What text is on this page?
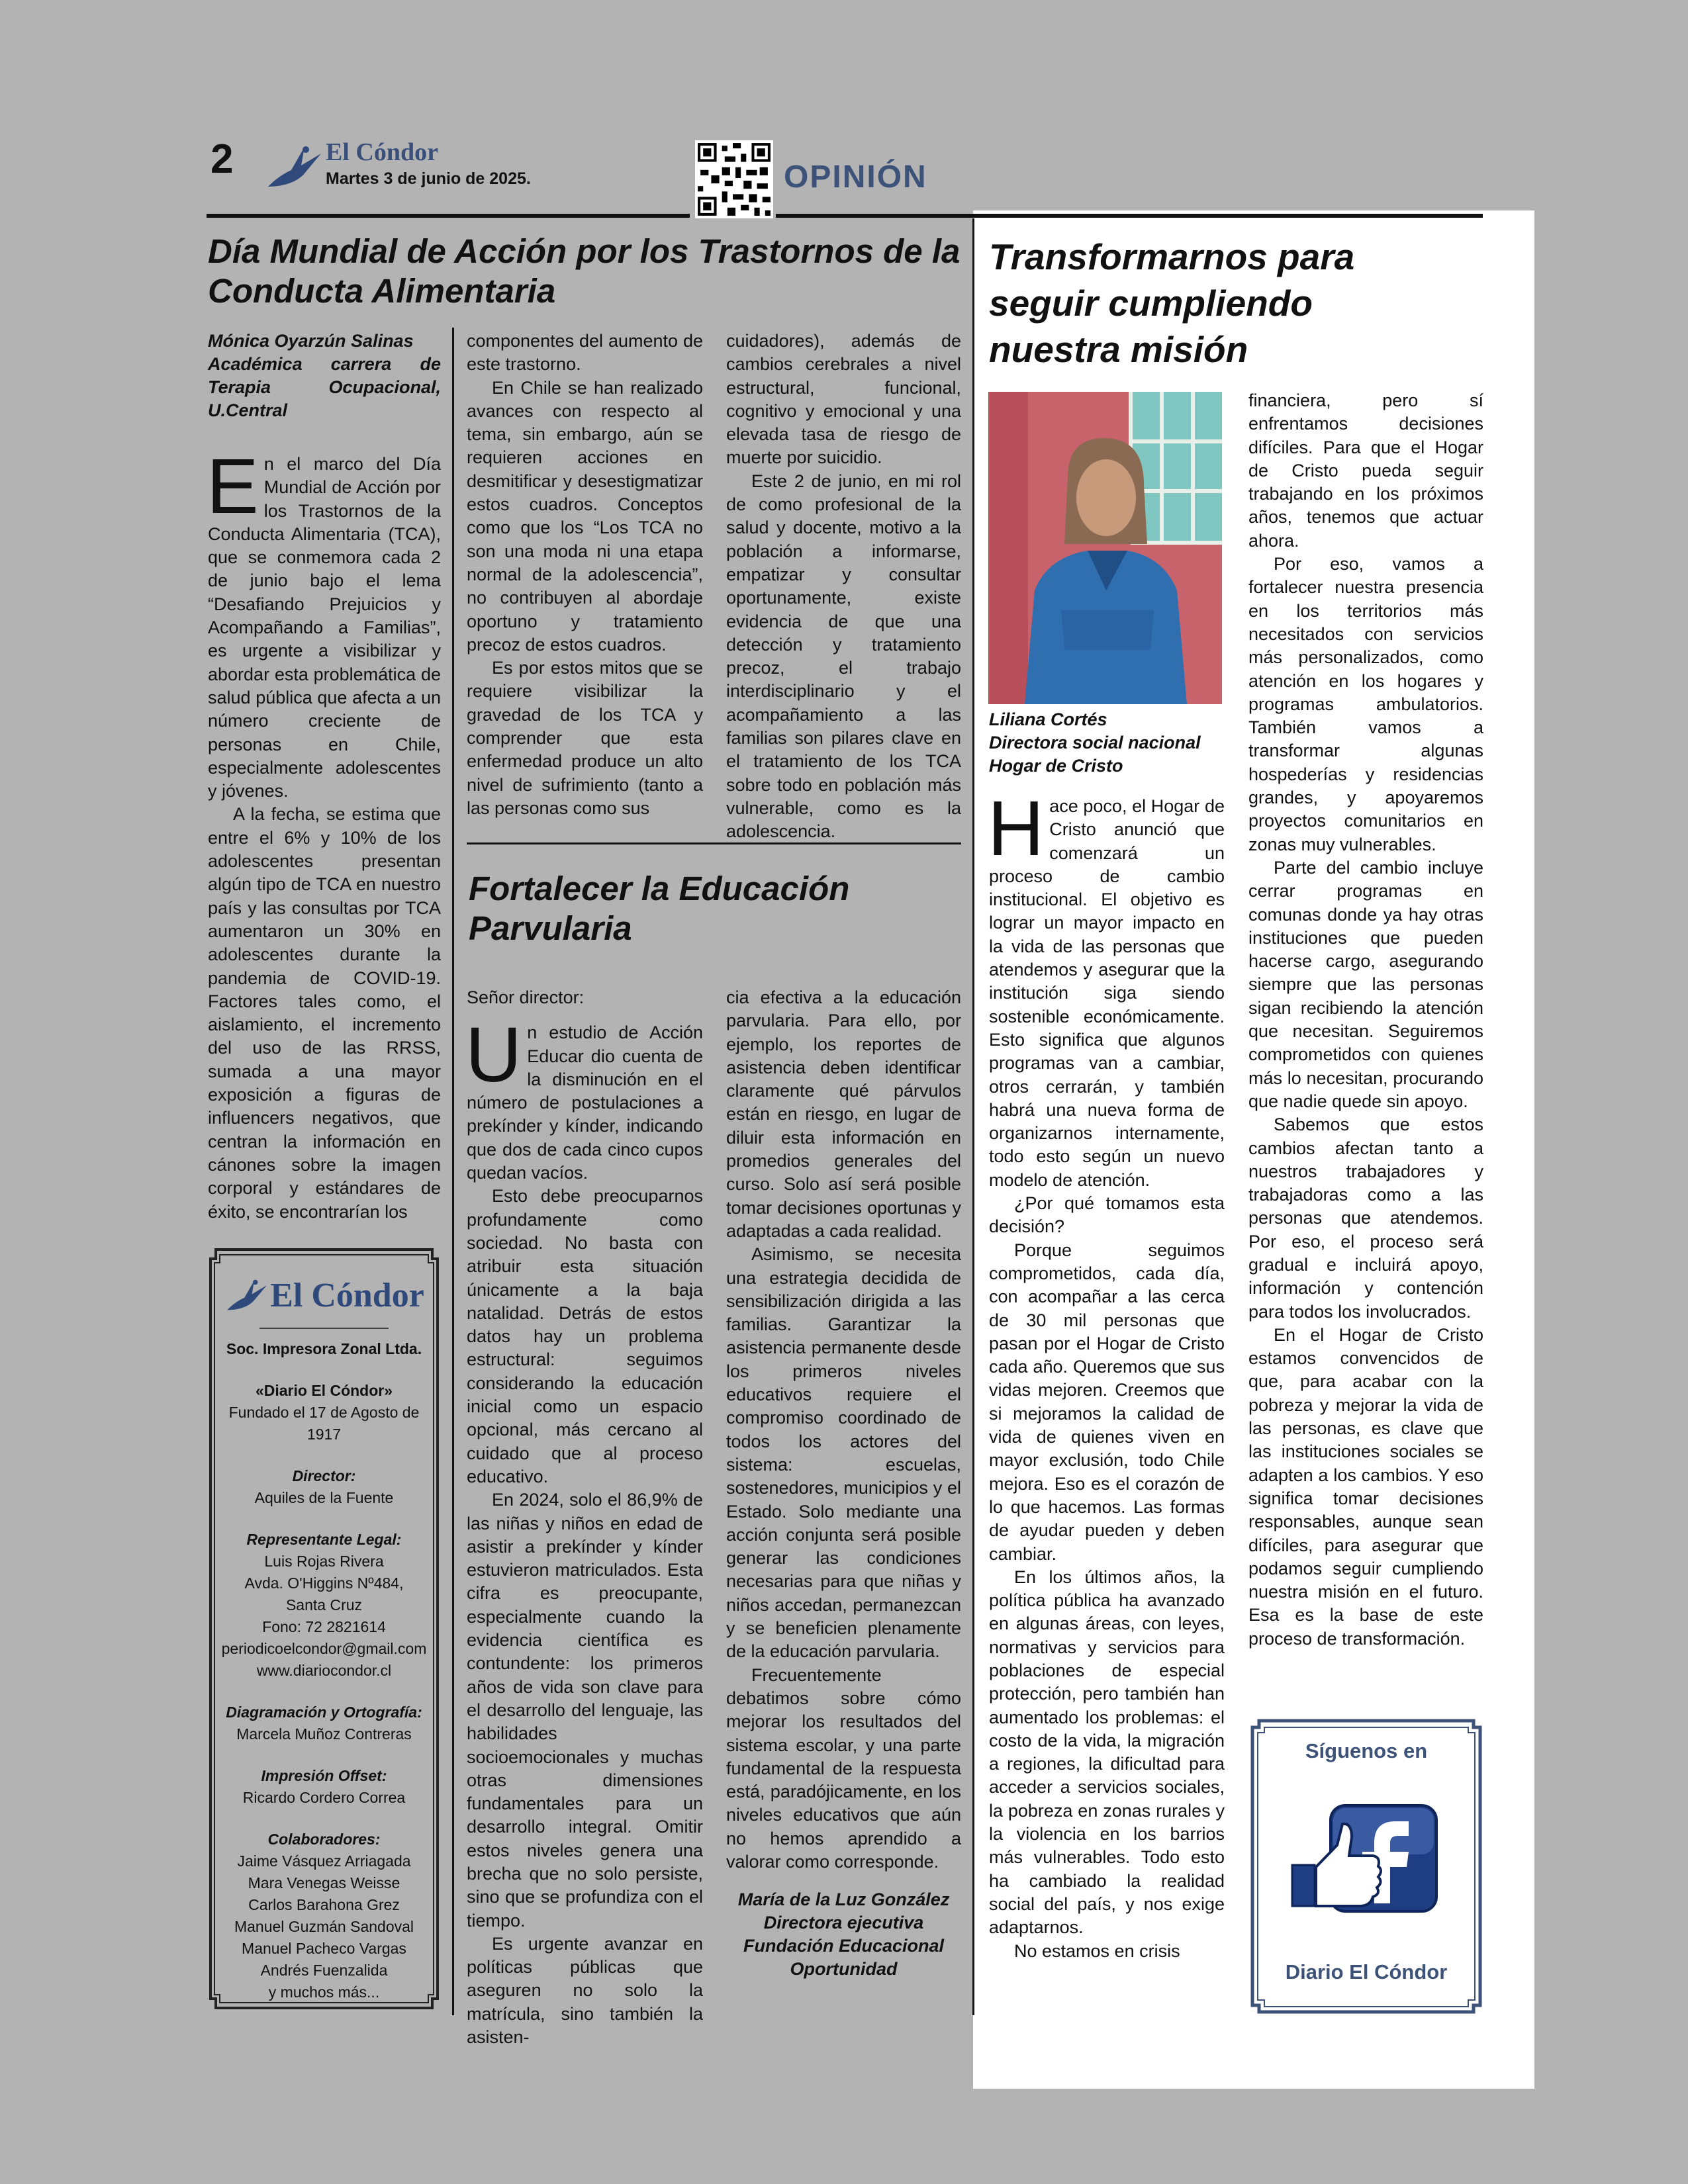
2	El Cóndor
Martes 3 de junio de 2025.	OPINIÓN
Día Mundial de Acción por los Trastornos de la Conducta Alimentaria
Mónica Oyarzún Salinas
Académica carrera de Terapia Ocupacional, U.Central

En el marco del Día Mundial de Acción por los Trastornos de la Conducta Alimentaria (TCA), que se conmemora cada 2 de junio bajo el lema “Desafiando Prejuicios y Acompañando a Familias”, es urgente a visibilizar y abordar esta problemática de salud pública que afecta a un número creciente de personas en Chile, especialmente adolescentes y jóvenes.

A la fecha, se estima que entre el 6% y 10% de los adolescentes presentan algún tipo de TCA en nuestro país y las consultas por TCA aumentaron un 30% en adolescentes durante la pandemia de COVID-19. Factores tales como, el aislamiento, el incremento del uso de las RRSS, sumada a una mayor exposición a figuras de influencers negativos, que centran la información en cánones sobre la imagen corporal y estándares de éxito, se encontrarían los

componentes del aumento de este trastorno.

En Chile se han realizado avances con respecto al tema, sin embargo, aún se requieren acciones en desmitificar y desestigmatizar estos cuadros. Conceptos como que los “Los TCA no son una moda ni una etapa normal de la adolescencia”, no contribuyen al abordaje oportuno y tratamiento precoz de estos cuadros.

Es por estos mitos que se requiere visibilizar la gravedad de los TCA y comprender que esta enfermedad produce un alto nivel de sufrimiento (tanto a las personas como sus

cuidadores), además de cambios cerebrales a nivel estructural, funcional, cognitivo y emocional y una elevada tasa de riesgo de muerte por suicidio.

Este 2 de junio, en mi rol de como profesional de la salud y docente, motivo a la población a informarse, empatizar y consultar oportunamente, existe evidencia de que una detección y tratamiento precoz, el trabajo interdisciplinario y el acompañamiento a las familias son pilares clave en el tratamiento de los TCA sobre todo en población más vulnerable, como es la adolescencia.

Fortalecer la Educación Parvularia

Señor director:

Un estudio de Acción Educar dio cuenta de la disminución en el número de postulaciones a prekínder y kínder, indicando que dos de cada cinco cupos quedan vacíos.

Esto debe preocuparnos profundamente como sociedad. No basta con atribuir esta situación únicamente a la baja natalidad. Detrás de estos datos hay un problema estructural: seguimos considerando la educación inicial como un espacio opcional, más cercano al cuidado que al proceso educativo.

En 2024, solo el 86,9% de las niñas y niños en edad de asistir a prekínder y kínder estuvieron matriculados. Esta cifra es preocupante, especialmente cuando la evidencia científica es contundente: los primeros años de vida son clave para el desarrollo del lenguaje, las habilidades socioemocionales y muchas otras dimensiones fundamentales para un desarrollo integral. Omitir estos niveles genera una brecha que no solo persiste, sino que se profundiza con el tiempo.

Es urgente avanzar en políticas públicas que aseguren no solo la matrícula, sino también la asisten-

cia efectiva a la educación parvularia. Para ello, por ejemplo, los reportes de asistencia deben identificar claramente qué párvulos están en riesgo, en lugar de diluir esta información en promedios generales del curso. Solo así será posible tomar decisiones oportunas y adaptadas a cada realidad.

Asimismo, se necesita una estrategia decidida de sensibilización dirigida a las familias. Garantizar la asistencia permanente desde los primeros niveles educativos requiere el compromiso coordinado de todos los actores del sistema: escuelas, sostenedores, municipios y el Estado. Solo mediante una acción conjunta será posible generar las condiciones necesarias para que niñas y niños accedan, permanezcan y se beneficien plenamente de la educación parvularia.

Frecuentemente debatimos sobre cómo mejorar los resultados del sistema escolar, y una parte fundamental de la respuesta está, paradójicamente, en los niveles educativos que aún no hemos aprendido a valorar como corresponde.

María de la Luz González
Directora ejecutiva
Fundación Educacional
Oportunidad
El Cóndor
Soc. Impresora Zonal Ltda.
«Diario El Cóndor»
Fundado el 17 de Agosto de 1917
Director:
Aquiles de la Fuente
Representante Legal:
Luis Rojas Rivera
Avda. O'Higgins Nº484,
Santa Cruz
Fono: 72 2821614
periodicoelcondor@gmail.com
www.diariocondor.cl
Diagramación y Ortografía:
Marcela Muñoz Contreras
Impresión Offset:
Ricardo Cordero Correa
Colaboradores:
Jaime Vásquez Arriagada
Mara Venegas Weisse
Carlos Barahona Grez
Manuel Guzmán Sandoval
Manuel Pacheco Vargas
Andrés Fuenzalida
y muchos más...
Transformarnos para seguir cumpliendo nuestra misión
Liliana Cortés
Directora social nacional
Hogar de Cristo

Hace poco, el Hogar de Cristo anunció que comenzará un proceso de cambio institucional. El objetivo es lograr un mayor impacto en la vida de las personas que atendemos y asegurar que la institución siga siendo sostenible económicamente. Esto significa que algunos programas van a cambiar, otros cerrarán, y también habrá una nueva forma de organizarnos internamente, todo esto según un nuevo modelo de atención.

¿Por qué tomamos esta decisión?

Porque seguimos comprometidos, cada día, con acompañar a las cerca de 30 mil personas que pasan por el Hogar de Cristo cada año. Queremos que sus vidas mejoren. Creemos que si mejoramos la calidad de vida de quienes viven en mayor exclusión, todo Chile mejora. Eso es el corazón de lo que hacemos. Las formas de ayudar pueden y deben cambiar.

En los últimos años, la política pública ha avanzado en algunas áreas, con leyes, normativas y servicios para poblaciones de especial protección, pero también han aumentado los problemas: el costo de la vida, la migración a regiones, la dificultad para acceder a servicios sociales, la pobreza en zonas rurales y la violencia en los barrios más vulnerables. Todo esto ha cambiado la realidad social del país, y nos exige adaptarnos.

No estamos en crisis

financiera, pero sí enfrentamos decisiones difíciles. Para que el Hogar de Cristo pueda seguir trabajando en los próximos años, tenemos que actuar ahora.

Por eso, vamos a fortalecer nuestra presencia en los territorios más necesitados con servicios más personalizados, como atención en los hogares y programas ambulatorios. También vamos a transformar algunas hospederías y residencias grandes, y apoyaremos proyectos comunitarios en zonas muy vulnerables.

Parte del cambio incluye cerrar programas en comunas donde ya hay otras instituciones que pueden hacerse cargo, asegurando siempre que las personas sigan recibiendo la atención que necesitan. Seguiremos comprometidos con quienes más lo necesitan, procurando que nadie quede sin apoyo.

Sabemos que estos cambios afectan tanto a nuestros trabajadores y trabajadoras como a las personas que atendemos. Por eso, el proceso será gradual e incluirá apoyo, información y contención para todos los involucrados.

En el Hogar de Cristo estamos convencidos de que, para acabar con la pobreza y mejorar la vida de las personas, es clave que las instituciones sociales se adapten a los cambios. Y eso significa tomar decisiones responsables, aunque sean difíciles, para asegurar que podamos seguir cumpliendo nuestra misión en el futuro. Esa es la base de este proceso de transformación.

Síguenos en
Diario El Cóndor
